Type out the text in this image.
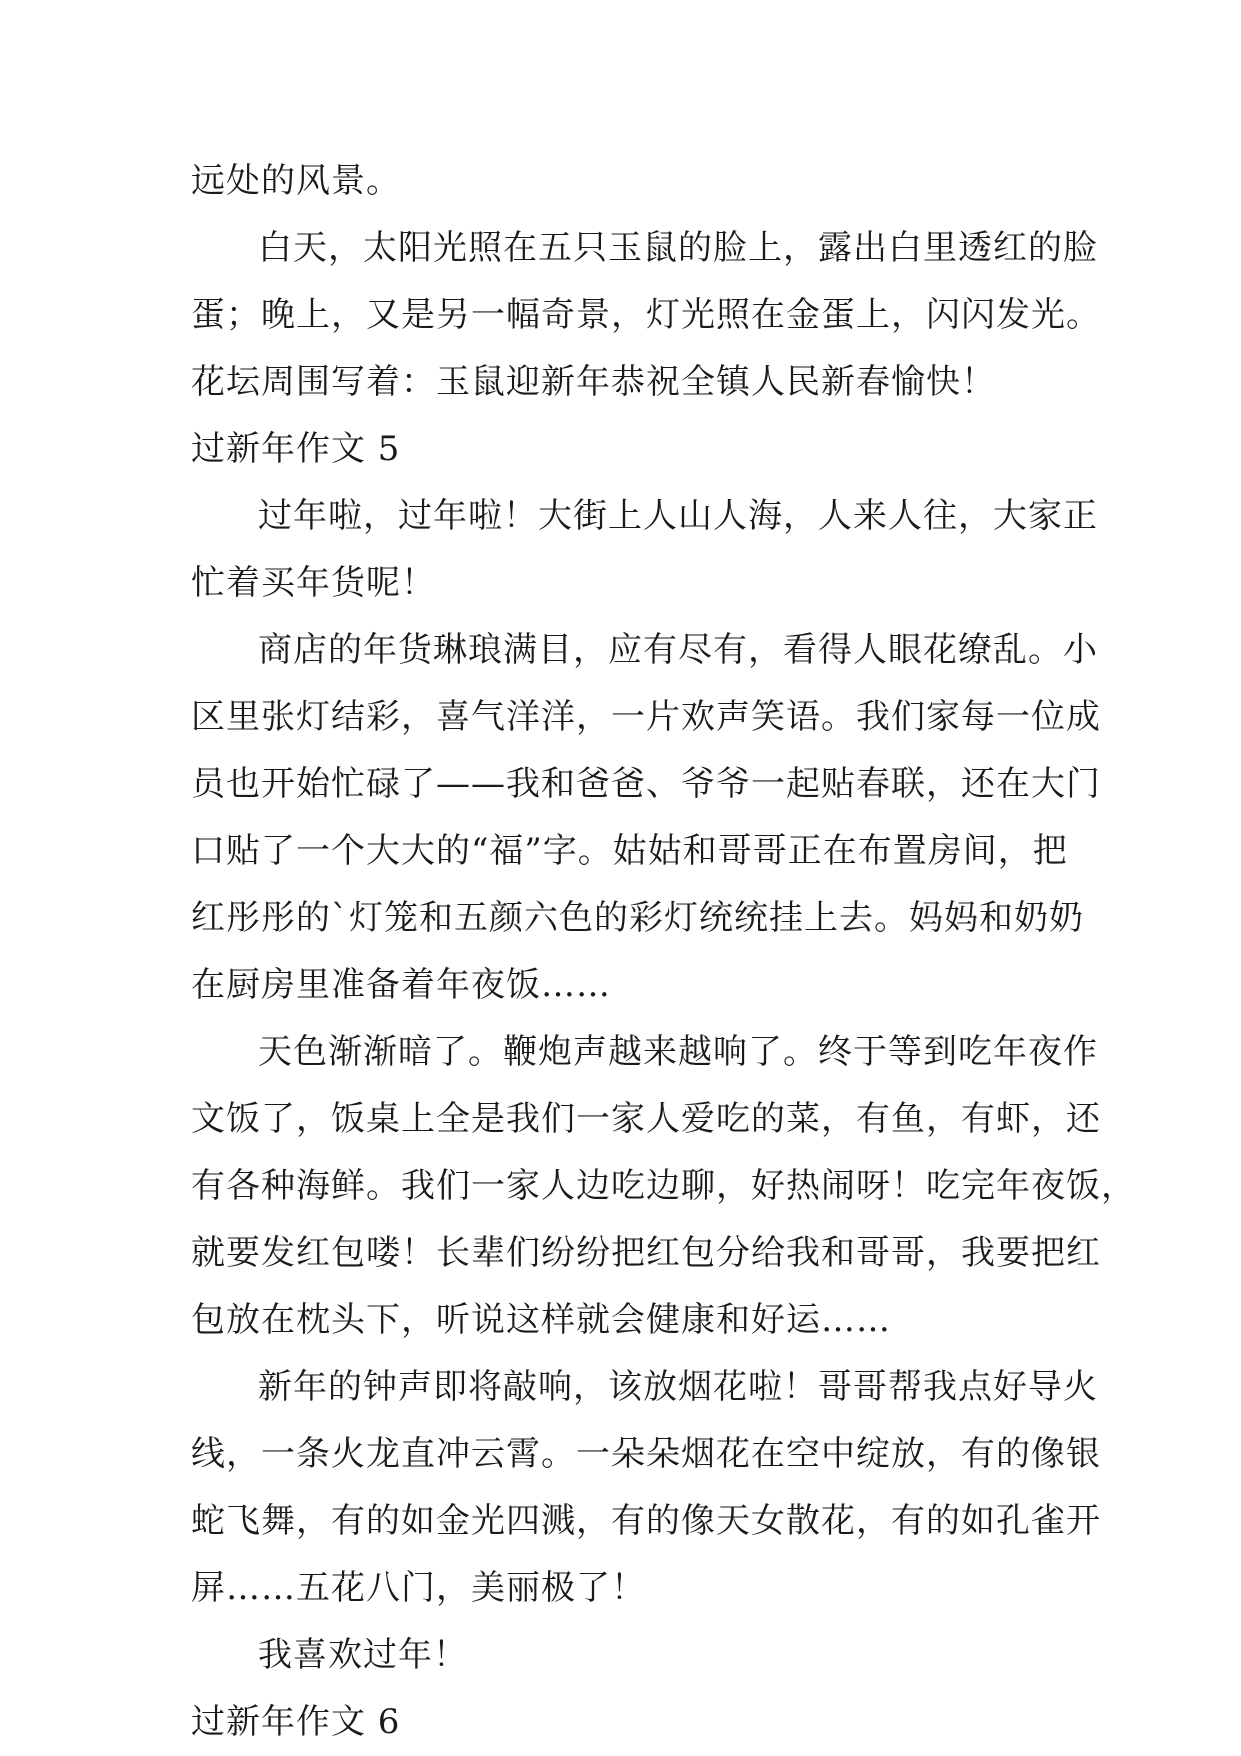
远处的风景。
白天，太阳光照在五只玉鼠的脸上，露出白里透红的脸
蛋；晚上，又是另一幅奇景，灯光照在金蛋上，闪闪发光。
花坛周围写着：玉鼠迎新年恭祝全镇人民新春愉快！
过新年作文 5
过年啦，过年啦！大街上人山人海，人来人往，大家正
忙着买年货呢！
商店的年货琳琅满目，应有尽有，看得人眼花缭乱。小
区里张灯结彩，喜气洋洋，一片欢声笑语。我们家每一位成
员也开始忙碌了——我和爸爸、爷爷一起贴春联，还在大门
口贴了一个大大的“福”字。姑姑和哥哥正在布置房间，把
红彤彤的`灯笼和五颜六色的彩灯统统挂上去。妈妈和奶奶
在厨房里准备着年夜饭……
天色渐渐暗了。鞭炮声越来越响了。终于等到吃年夜作
文饭了，饭桌上全是我们一家人爱吃的菜，有鱼，有虾，还
有各种海鲜。我们一家人边吃边聊，好热闹呀！吃完年夜饭，
就要发红包喽！长辈们纷纷把红包分给我和哥哥，我要把红
包放在枕头下，听说这样就会健康和好运……
新年的钟声即将敲响，该放烟花啦！哥哥帮我点好导火
线，一条火龙直冲云霄。一朵朵烟花在空中绽放，有的像银
蛇飞舞，有的如金光四溅，有的像天女散花，有的如孔雀开
屏……五花八门，美丽极了！
我喜欢过年！
过新年作文 6
